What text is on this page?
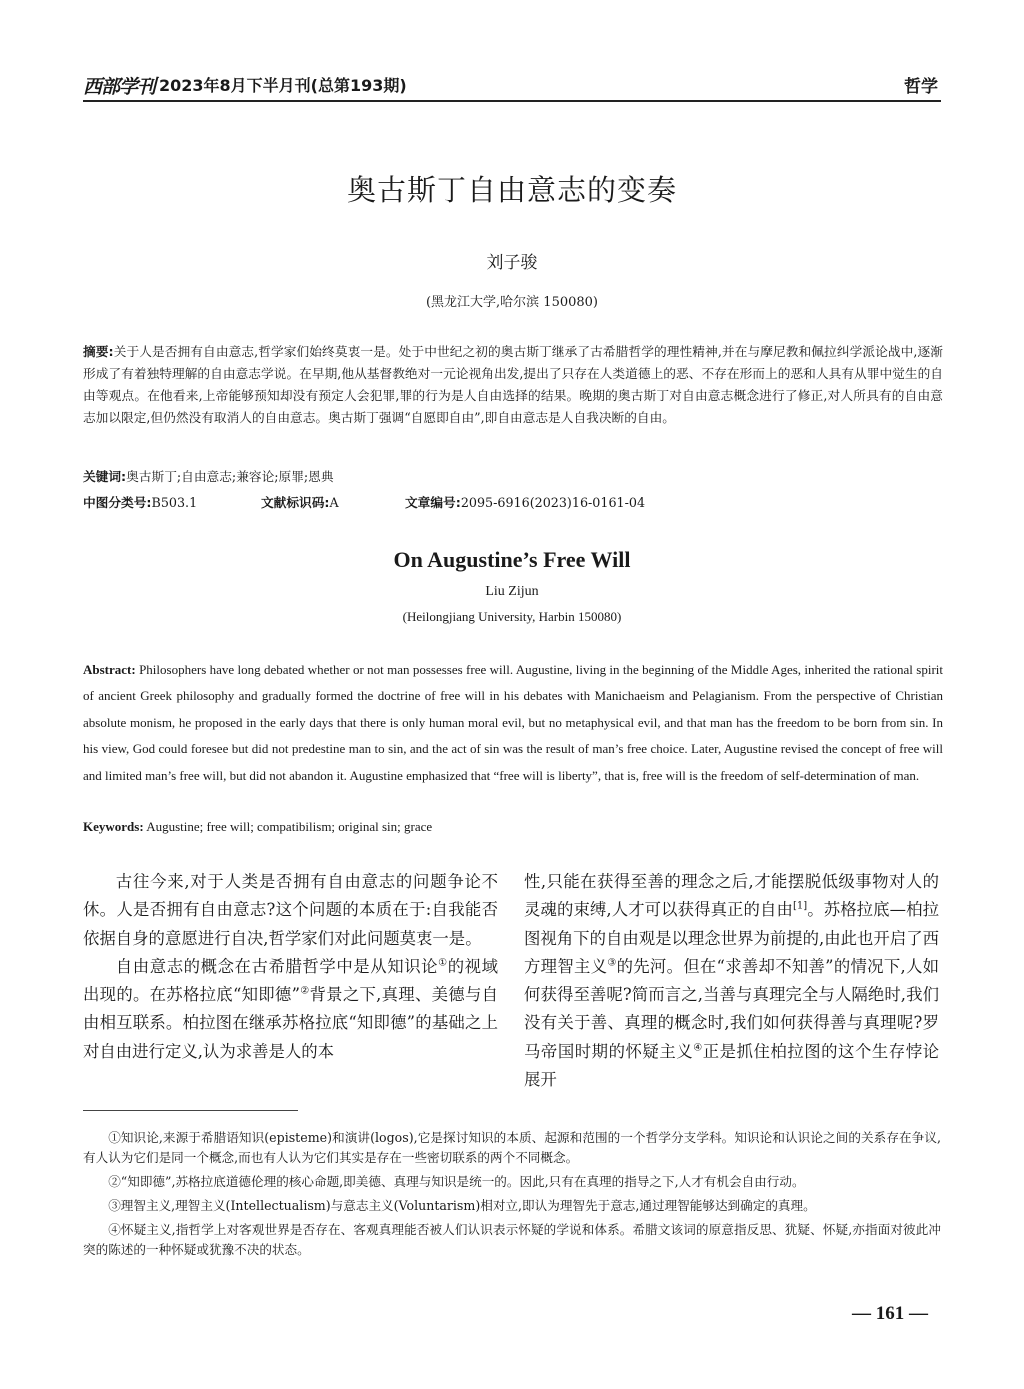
西部学刊 2023年8月下半月刊(总第193期)	哲学
奥古斯丁自由意志的变奏
刘子骏
(黑龙江大学,哈尔滨 150080)
摘要:关于人是否拥有自由意志,哲学家们始终莫衷一是。处于中世纪之初的奥古斯丁继承了古希腊哲学的理性精神,并在与摩尼教和佩拉纠学派论战中,逐渐形成了有着独特理解的自由意志学说。在早期,他从基督教绝对一元论视角出发,提出了只存在人类道德上的恶、不存在形而上的恶和人具有从罪中觉生的自由等观点。在他看来,上帝能够预知却没有预定人会犯罪,罪的行为是人自由选择的结果。晚期的奥古斯丁对自由意志概念进行了修正,对人所具有的自由意志加以限定,但仍然没有取消人的自由意志。奥古斯丁强调“自愿即自由”,即自由意志是人自我决断的自由。
关键词:奥古斯丁;自由意志;兼容论;原罪;恩典
中图分类号:B503.1	文献标识码:A	文章编号:2095-6916(2023)16-0161-04
On Augustine’s Free Will
Liu Zijun
(Heilongjiang University, Harbin 150080)
Abstract: Philosophers have long debated whether or not man possesses free will. Augustine, living in the beginning of the Middle Ages, inherited the rational spirit of ancient Greek philosophy and gradually formed the doctrine of free will in his debates with Manichaeism and Pelagianism. From the perspective of Christian absolute monism, he proposed in the early days that there is only human moral evil, but no metaphysical evil, and that man has the freedom to be born from sin. In his view, God could foresee but did not predestine man to sin, and the act of sin was the result of man’s free choice. Later, Augustine revised the concept of free will and limited man’s free will, but did not abandon it. Augustine emphasized that “free will is liberty”, that is, free will is the freedom of self-determination of man.
Keywords: Augustine; free will; compatibilism; original sin; grace

古往今来,对于人类是否拥有自由意志的问题争论不休。人是否拥有自由意志?这个问题的本质在于:自我能否依据自身的意愿进行自决,哲学家们对此问题莫衷一是。

自由意志的概念在古希腊哲学中是从知识论①的视域出现的。在苏格拉底“知即德”②背景之下,真理、美德与自由相互联系。柏拉图在继承苏格拉底“知即德”的基础之上对自由进行定义,认为求善是人的本

性,只能在获得至善的理念之后,才能摆脱低级事物对人的灵魂的束缚,人才可以获得真正的自由[1]。苏格拉底—柏拉图视角下的自由观是以理念世界为前提的,由此也开启了西方理智主义③的先河。但在“求善却不知善”的情况下,人如何获得至善呢?简而言之,当善与真理完全与人隔绝时,我们没有关于善、真理的概念时,我们如何获得善与真理呢?罗马帝国时期的怀疑主义④正是抓住柏拉图的这个生存悖论展开

①知识论,来源于希腊语知识(episteme)和演讲(logos),它是探讨知识的本质、起源和范围的一个哲学分支学科。知识论和认识论之间的关系存在争议,有人认为它们是同一个概念,而也有人认为它们其实是存在一些密切联系的两个不同概念。

②“知即德”,苏格拉底道德伦理的核心命题,即美德、真理与知识是统一的。因此,只有在真理的指导之下,人才有机会自由行动。

③理智主义,理智主义(Intellectualism)与意志主义(Voluntarism)相对立,即认为理智先于意志,通过理智能够达到确定的真理。

④怀疑主义,指哲学上对客观世界是否存在、客观真理能否被人们认识表示怀疑的学说和体系。希腊文该词的原意指反思、犹疑、怀疑,亦指面对彼此冲突的陈述的一种怀疑或犹豫不决的状态。

— 161 —
